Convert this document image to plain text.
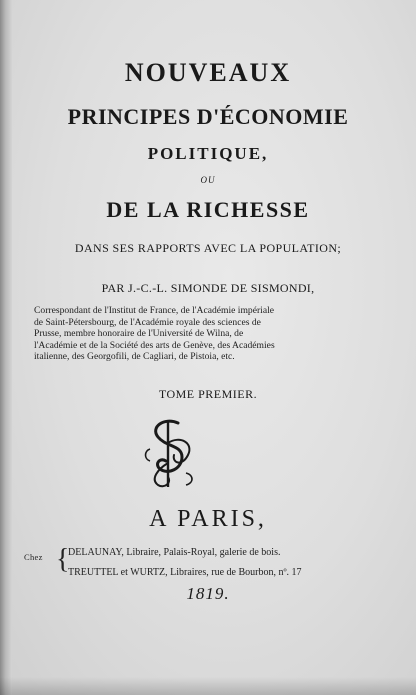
NOUVEAUX
PRINCIPES D'ÉCONOMIE
POLITIQUE,
OU
DE LA RICHESSE
DANS SES RAPPORTS AVEC LA POPULATION;
PAR J.-C.-L. SIMONDE DE SISMONDI,
Correspondant de l'Institut de France, de l'Académie impériale
de Saint-Pétersbourg, de l'Académie royale des sciences de
Prusse, membre honoraire de l'Université de Wilna, de
l'Académie et de la Société des arts de Genève, des Académies
italienne, des Georgofili, de Cagliari, de Pistoia, etc.
TOME PREMIER.
A PARIS,
Chez {
DELAUNAY, Libraire, Palais-Royal, galerie de bois.
TREUTTEL et WURTZ, Libraires, rue de Bourbon, nº. 17
1819.
